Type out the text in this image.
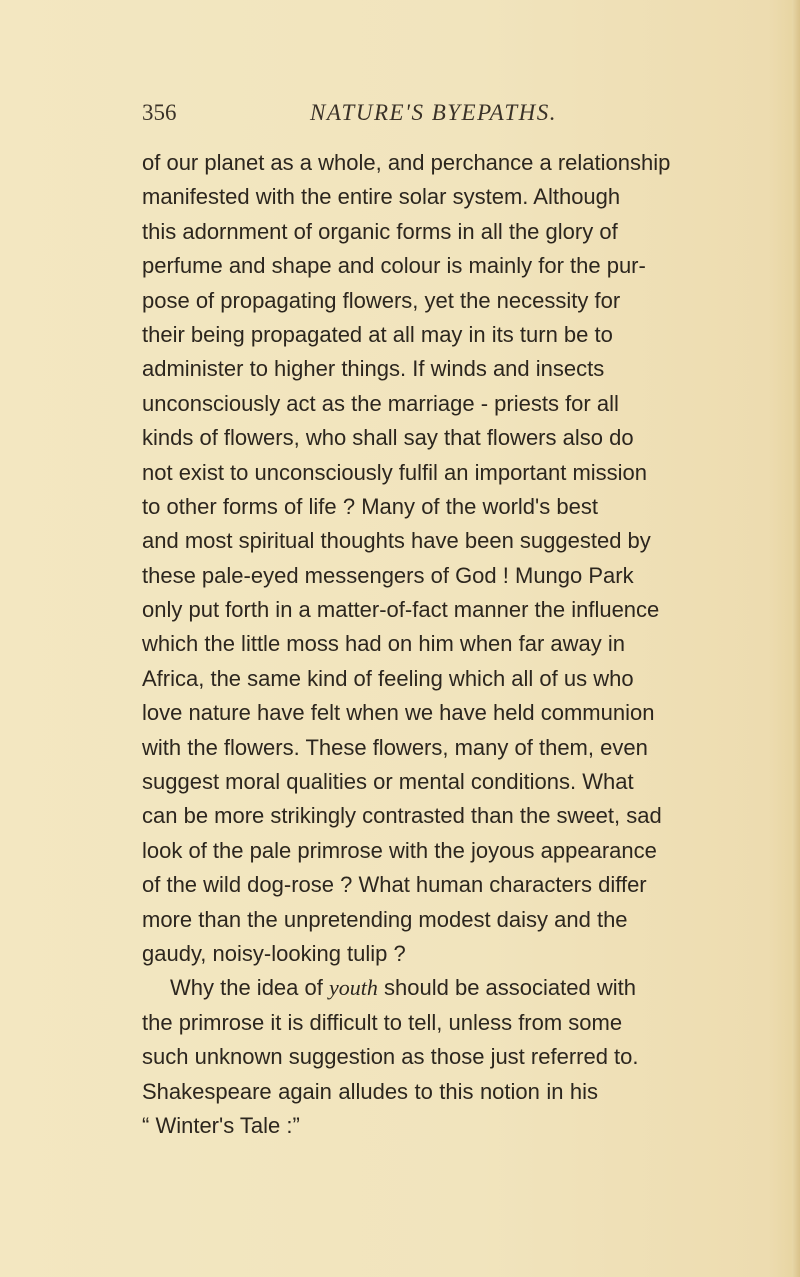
356	NATURE'S BYEPATHS.
of our planet as a whole, and perchance a relationship
manifested with the entire solar system. Although
this adornment of organic forms in all the glory of
perfume and shape and colour is mainly for the pur-
pose of propagating flowers, yet the necessity for
their being propagated at all may in its turn be to
administer to higher things. If winds and insects
unconsciously act as the marriage - priests for all
kinds of flowers, who shall say that flowers also do
not exist to unconsciously fulfil an important mission
to other forms of life ? Many of the world's best
and most spiritual thoughts have been suggested by
these pale-eyed messengers of God ! Mungo Park
only put forth in a matter-of-fact manner the influence
which the little moss had on him when far away in
Africa, the same kind of feeling which all of us who
love nature have felt when we have held communion
with the flowers. These flowers, many of them, even
suggest moral qualities or mental conditions. What
can be more strikingly contrasted than the sweet, sad
look of the pale primrose with the joyous appearance
of the wild dog-rose ? What human characters differ
more than the unpretending modest daisy and the
gaudy, noisy-looking tulip ?
Why the idea of youth should be associated with
the primrose it is difficult to tell, unless from some
such unknown suggestion as those just referred to.
Shakespeare again alludes to this notion in his
“ Winter's Tale :”
